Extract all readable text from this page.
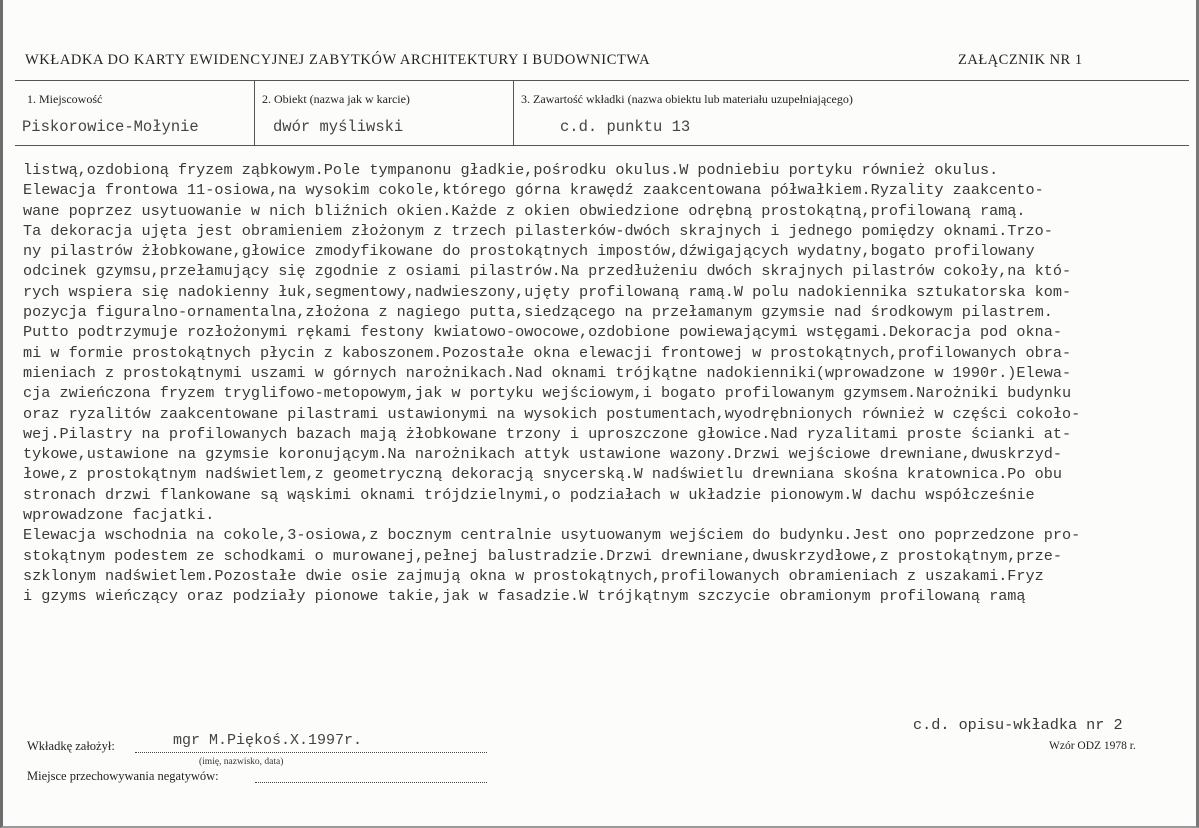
WKŁADKA DO KARTY EWIDENCYJNEJ ZABYTKÓW ARCHITEKTURY I BUDOWNICTWA	ZAŁĄCZNIK NR 1
1. Miejscowość	2. Obiekt (nazwa jak w karcie)	3. Zawartość wkładki (nazwa obiektu lub materiału uzupełniającego)
Piskorowice-Mołynie	dwór myśliwski	c.d. punktu 13
listwą,ozdobioną fryzem ząbkowym.Pole tympanonu gładkie,pośrodku okulus.W podniebiu portyku również okulus.
Elewacja frontowa 11-osiowa,na wysokim cokole,którego górna krawędź zaakcentowana półwałkiem.Ryzality zaakcento-
wane poprzez usytuowanie w nich bliźnich okien.Każde z okien obwiedzione odrębną prostokątną,profilowaną ramą.
Ta dekoracja ujęta jest obramieniem złożonym z trzech pilasterków-dwóch skrajnych i jednego pomiędzy oknami.Trzo-
ny pilastrów żłobkowane,głowice zmodyfikowane do prostokątnych impostów,dźwigających wydatny,bogato profilowany
odcinek gzymsu,przełamujący się zgodnie z osiami pilastrów.Na przedłużeniu dwóch skrajnych pilastrów cokoły,na któ-
rych wspiera się nadokienny łuk,segmentowy,nadwieszony,ujęty profilowaną ramą.W polu nadokiennika sztukatorska kom-
pozycja figuralno-ornamentalna,złożona z nagiego putta,siedzącego na przełamanym gzymsie nad środkowym pilastrem.
Putto podtrzymuje rozłożonymi rękami festony kwiatowo-owocowe,ozdobione powiewającymi wstęgami.Dekoracja pod okna-
mi w formie prostokątnych płycin z kaboszonem.Pozostałe okna elewacji frontowej w prostokątnych,profilowanych obra-
mieniach z prostokątnymi uszami w górnych narożnikach.Nad oknami trójkątne nadokienniki(wprowadzone w 1990r.)Elewa-
cja zwieńczona fryzem tryglifowo-metopowym,jak w portyku wejściowym,i bogato profilowanym gzymsem.Narożniki budynku
oraz ryzalitów zaakcentowane pilastrami ustawionymi na wysokich postumentach,wyodrębnionych również w części cokoło-
wej.Pilastry na profilowanych bazach mają żłobkowane trzony i uproszczone głowice.Nad ryzalitami proste ścianki at-
tykowe,ustawione na gzymsie koronującym.Na narożnikach attyk ustawione wazony.Drzwi wejściowe drewniane,dwuskrzyd-
łowe,z prostokątnym nadświetlem,z geometryczną dekoracją snycerską.W nadświetlu drewniana skośna kratownica.Po obu
stronach drzwi flankowane są wąskimi oknami trójdzielnymi,o podziałach w układzie pionowym.W dachu współcześnie
wprowadzone facjatki.
Elewacja wschodnia na cokole,3-osiowa,z bocznym centralnie usytuowanym wejściem do budynku.Jest ono poprzedzone pro-
stokątnym podestem ze schodkami o murowanej,pełnej balustradzie.Drzwi drewniane,dwuskrzydłowe,z prostokątnym,prze-
szklonym nadświetlem.Pozostałe dwie osie zajmują okna w prostokątnych,profilowanych obramieniach z uszakami.Fryz
i gzyms wieńczący oraz podziały pionowe takie,jak w fasadzie.W trójkątnym szczycie obramionym profilowaną ramą
c.d. opisu-wkładka nr 2
Wkładkę założył:	mgr M.Piękoś.X.1997r.
(imię, nazwisko, data)
Miejsce przechowywania negatywów:
Wzór ODZ 1978 r.
